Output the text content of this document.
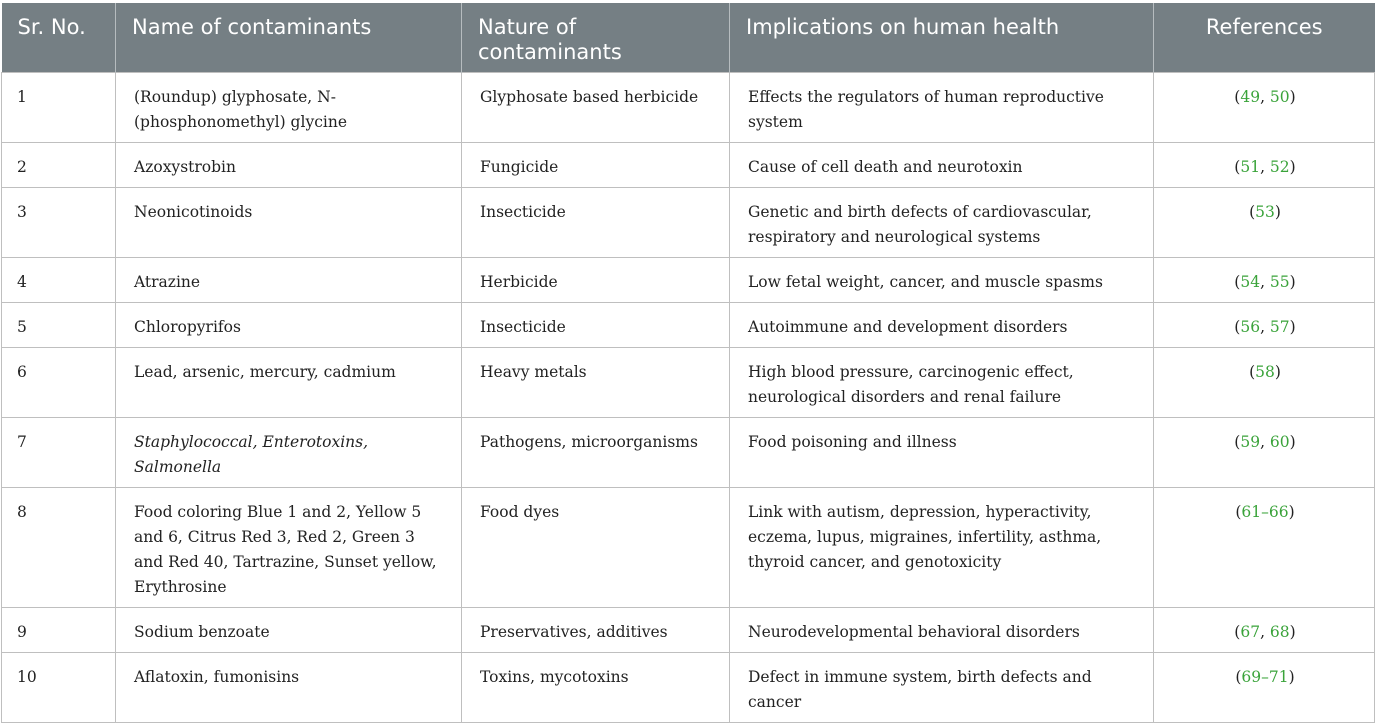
Sr. No.	Name of contaminants	Nature of contaminants	Implications on human health	References
1	(Roundup) glyphosate, N-(phosphonomethyl) glycine	Glyphosate based herbicide	Effects the regulators of human reproductive system	(49, 50)
2	Azoxystrobin	Fungicide	Cause of cell death and neurotoxin	(51, 52)
3	Neonicotinoids	Insecticide	Genetic and birth defects of cardiovascular, respiratory and neurological systems	(53)
4	Atrazine	Herbicide	Low fetal weight, cancer, and muscle spasms	(54, 55)
5	Chloropyrifos	Insecticide	Autoimmune and development disorders	(56, 57)
6	Lead, arsenic, mercury, cadmium	Heavy metals	High blood pressure, carcinogenic effect, neurological disorders and renal failure	(58)
7	Staphylococcal, Enterotoxins, Salmonella	Pathogens, microorganisms	Food poisoning and illness	(59, 60)
8	Food coloring Blue 1 and 2, Yellow 5 and 6, Citrus Red 3, Red 2, Green 3 and Red 40, Tartrazine, Sunset yellow, Erythrosine	Food dyes	Link with autism, depression, hyperactivity, eczema, lupus, migraines, infertility, asthma, thyroid cancer, and genotoxicity	(61–66)
9	Sodium benzoate	Preservatives, additives	Neurodevelopmental behavioral disorders	(67, 68)
10	Aflatoxin, fumonisins	Toxins, mycotoxins	Defect in immune system, birth defects and cancer	(69–71)
